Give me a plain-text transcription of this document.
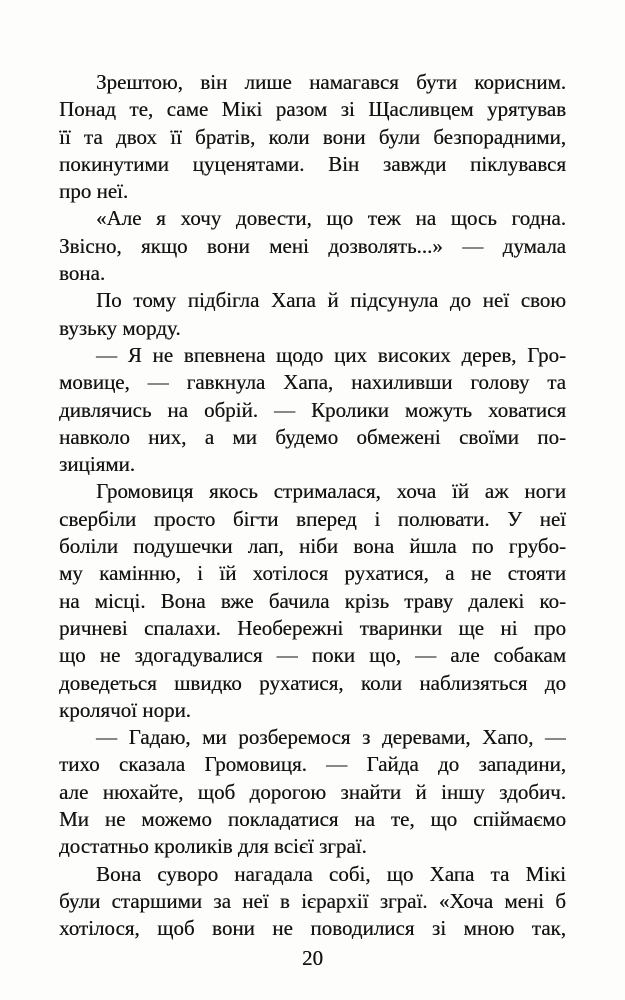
Зрештою, він лише намагався бути корисним.
Понад те, саме Мікі разом зі Щасливцем урятував
її та двох її братів, коли вони були безпорадними,
покинутими цуценятами. Він завжди піклувався
про неї.
«Але я хочу довести, що теж на щось годна.
Звісно, якщо вони мені дозволять...» — думала
вона.
По тому підбігла Хапа й підсунула до неї свою
вузьку морду.
— Я не впевнена щодо цих високих дерев, Гро-
мовице, — гавкнула Хапа, нахиливши голову та
дивлячись на обрій. — Кролики можуть ховатися
навколо них, а ми будемо обмежені своїми по-
зиціями.
Громовиця якось стрималася, хоча їй аж ноги
свербіли просто бігти вперед і полювати. У неї
боліли подушечки лап, ніби вона йшла по грубо-
му камінню, і їй хотілося рухатися, а не стояти
на місці. Вона вже бачила крізь траву далекі ко-
ричневі спалахи. Необережні тваринки ще ні про
що не здогадувалися — поки що, — але собакам
доведеться швидко рухатися, коли наблизяться до
кролячої нори.
— Гадаю, ми розберемося з деревами, Хапо, —
тихо сказала Громовиця. — Гайда до западини,
але нюхайте, щоб дорогою знайти й іншу здобич.
Ми не можемо покладатися на те, що спіймаємо
достатньо кроликів для всієї зграї.
Вона суворо нагадала собі, що Хапа та Мікі
були старшими за неї в ієрархії зграї. «Хоча мені б
хотілося, щоб вони не поводилися зі мною так,
20
